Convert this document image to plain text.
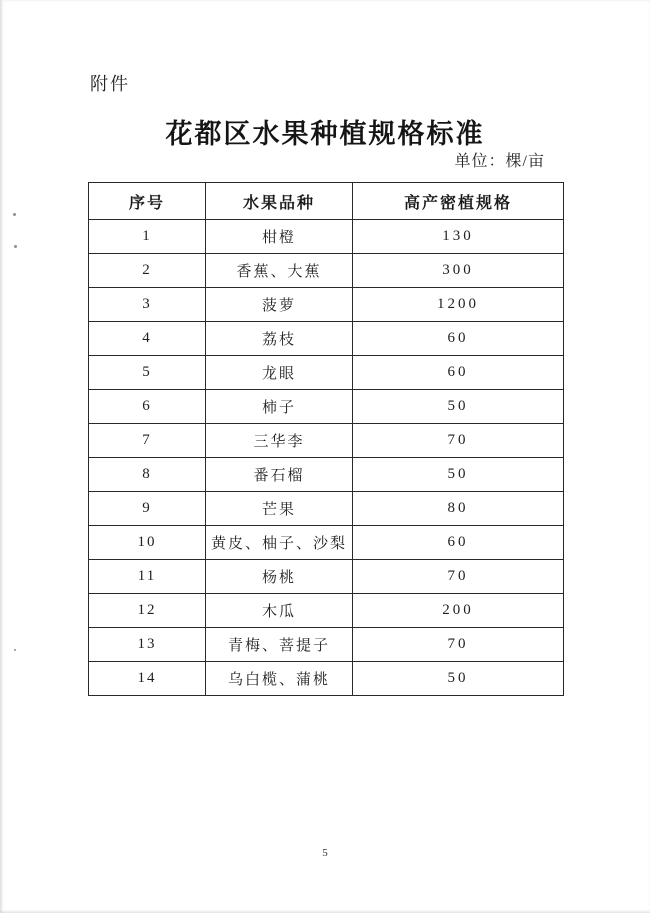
附件
花都区水果种植规格标准
单位：棵/亩
序号	水果品种	高产密植规格
1	柑橙	130
2	香蕉、大蕉	300
3	菠萝	1200
4	荔枝	60
5	龙眼	60
6	柿子	50
7	三华李	70
8	番石榴	50
9	芒果	80
10	黄皮、柚子、沙梨	60
11	杨桃	70
12	木瓜	200
13	青梅、菩提子	70
14	乌白榄、蒲桃	50
5
